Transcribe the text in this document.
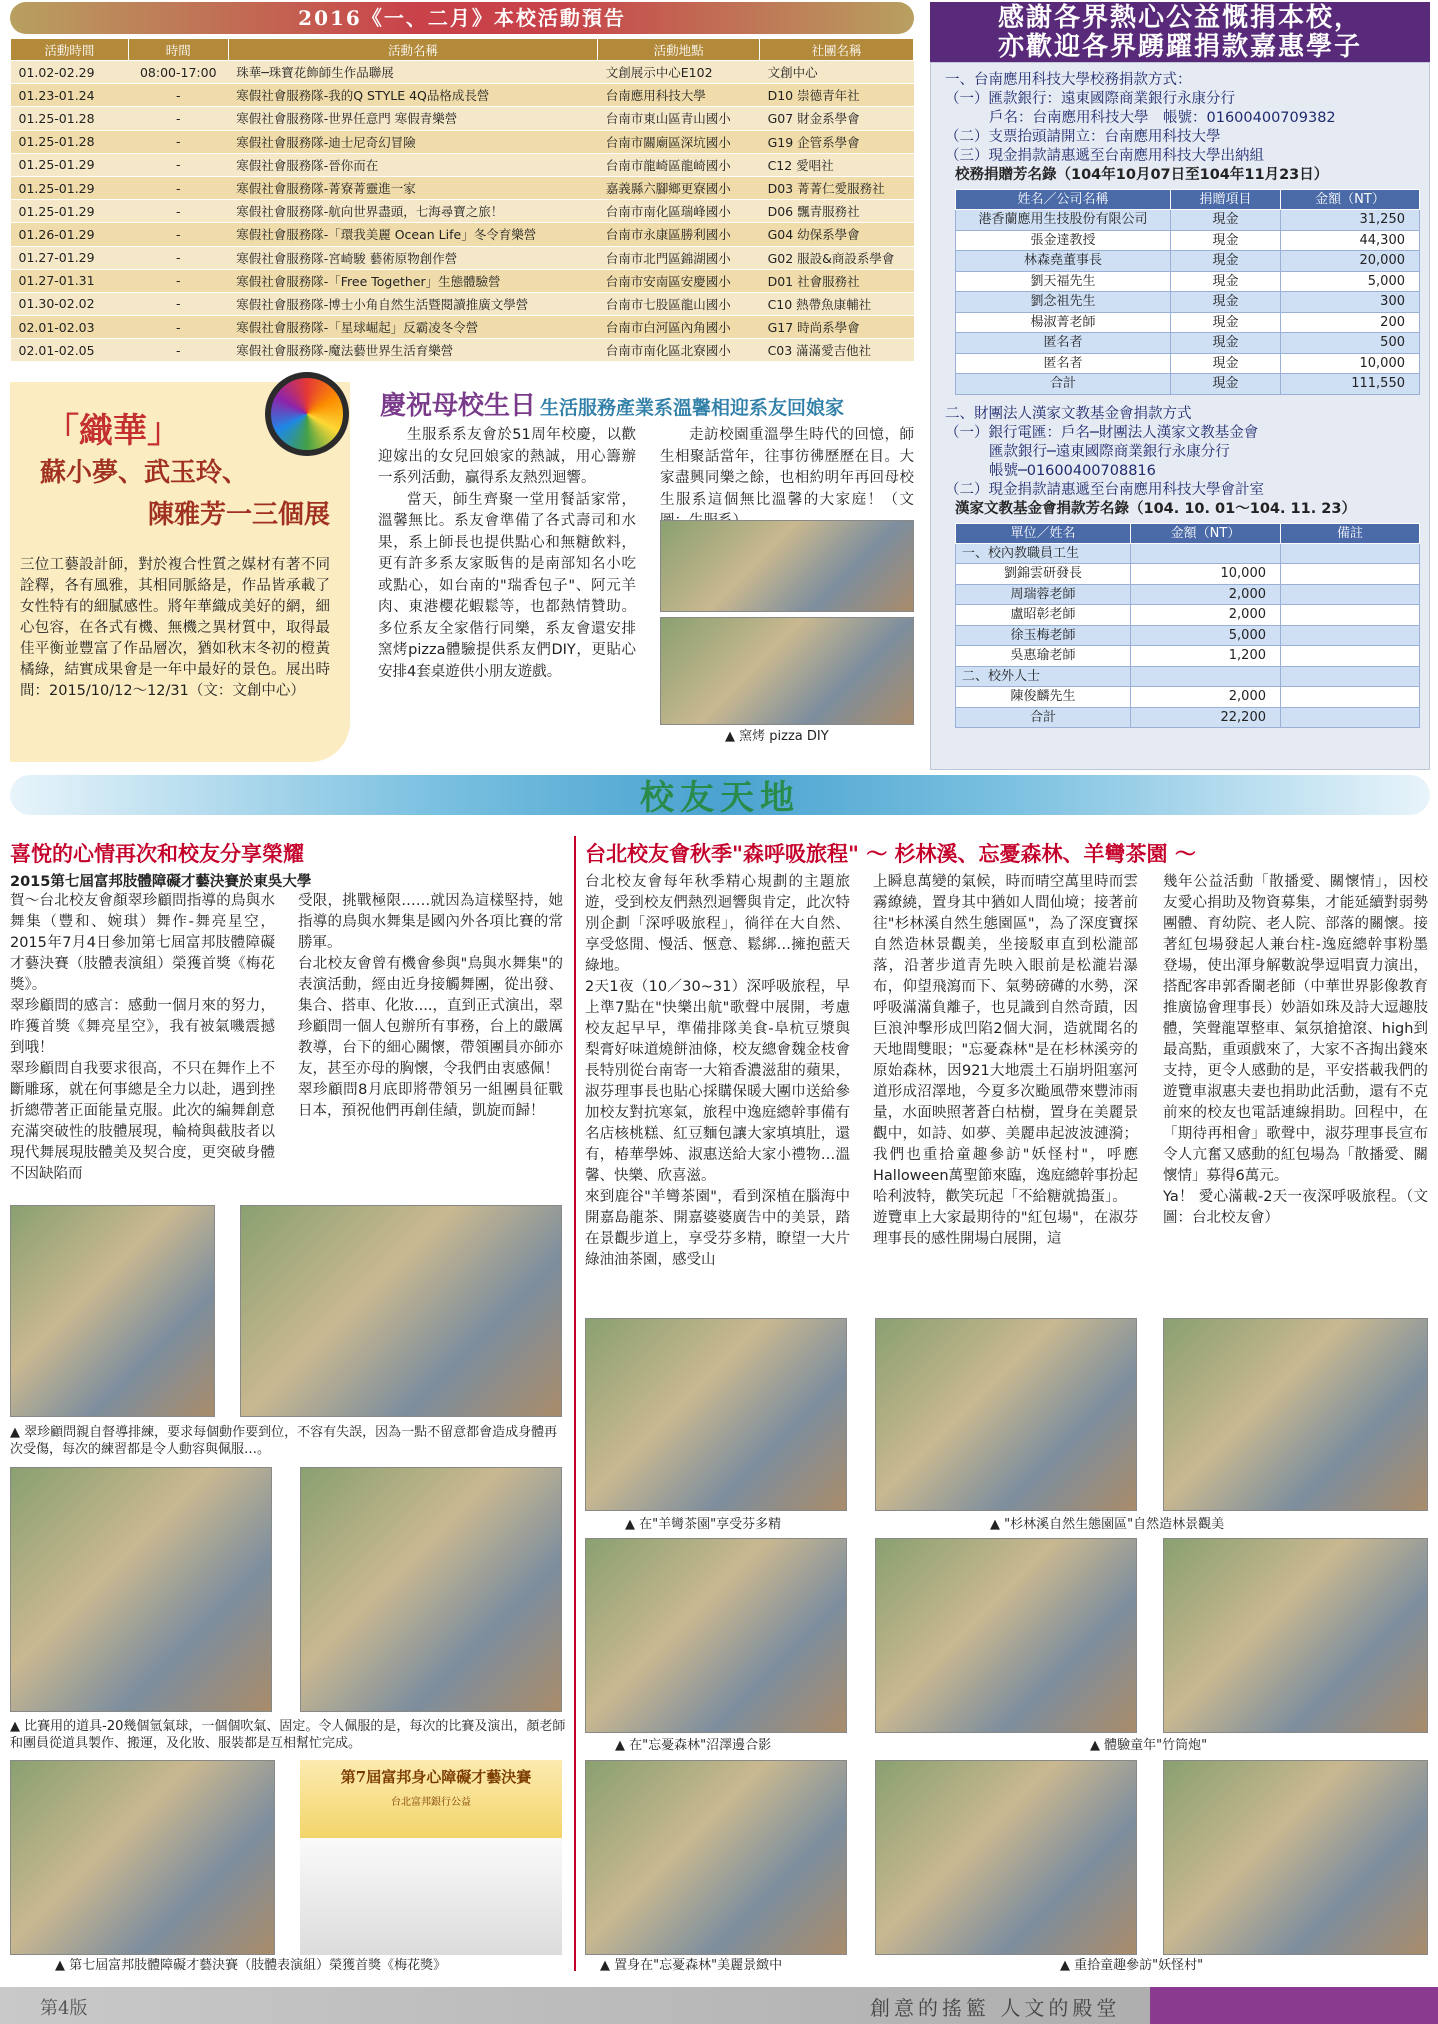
2016《一、二月》本校活動預告
活動時間	時間	活動名稱	活動地點	社團名稱
01.02-02.29	08:00-17:00	珠華─珠寶花飾師生作品聯展	文創展示中心E102	文創中心
01.23-01.24	-	寒假社會服務隊-我的Q STYLE 4Q品格成長營	台南應用科技大學	D10 崇德青年社
01.25-01.28	-	寒假社會服務隊-世界任意門 寒假青樂營	台南市東山區青山國小	G07 財金系學會
01.25-01.28	-	寒假社會服務隊-迪士尼奇幻冒險	台南市關廟區深坑國小	G19 企管系學會
01.25-01.29	-	寒假社會服務隊-晉你而在	台南市龍崎區龍崎國小	C12 愛唱社
01.25-01.29	-	寒假社會服務隊-菁寮菁靈進一家	嘉義縣六腳鄉更寮國小	D03 菁菁仁愛服務社
01.25-01.29	-	寒假社會服務隊-航向世界盡頭，七海尋寶之旅！	台南市南化區瑞峰國小	D06 飄青服務社
01.26-01.29	-	寒假社會服務隊-「環我美麗 Ocean Life」冬令育樂營	台南市永康區勝利國小	G04 幼保系學會
01.27-01.29	-	寒假社會服務隊-宮崎駿 藝術原物創作營	台南市北門區錦湖國小	G02 服設&商設系學會
01.27-01.31	-	寒假社會服務隊-「Free Together」生態體驗營	台南市安南區安慶國小	D01 社會服務社
01.30-02.02	-	寒假社會服務隊-博士小角自然生活暨閱讀推廣文學營	台南市七股區龍山國小	C10 熱帶魚康輔社
02.01-02.03	-	寒假社會服務隊-「星球崛起」反霸凌冬令營	台南市白河區內角國小	G17 時尚系學會
02.01-02.05	-	寒假社會服務隊-魔法藝世界生活育樂營	台南市南化區北寮國小	C03 滿滿愛吉他社
感謝各界熱心公益慨捐本校，
亦歡迎各界踴躍捐款嘉惠學子
一、台南應用科技大學校務捐款方式：
（一）匯款銀行：遠東國際商業銀行永康分行
戶名：台南應用科技大學　帳號：01600400709382
（二）支票抬頭請開立：台南應用科技大學
（三）現金捐款請惠遞至台南應用科技大學出納組
校務捐贈芳名錄（104年10月07日至104年11月23日）
姓名／公司名稱	捐贈項目	金額（NT）
港香蘭應用生技股份有限公司	現金	31,250
張金達教授	現金	44,300
林森堯董事長	現金	20,000
劉天福先生	現金	5,000
劉念祖先生	現金	300
楊淑菁老師	現金	200
匿名者	現金	500
匿名者	現金	10,000
合計	現金	111,550
二、財團法人漢家文教基金會捐款方式
（一）銀行電匯：戶名─財團法人漢家文教基金會
匯款銀行─遠東國際商業銀行永康分行
帳號─01600400708816
（二）現金捐款請惠遞至台南應用科技大學會計室
漢家文教基金會捐款芳名錄（104. 10. 01～104. 11. 23）
單位／姓名	金額（NT）	備註
一、校內教職員工生		
劉錦雲研發長	10,000	
周瑞蓉老師	2,000	
盧昭彰老師	2,000	
徐玉梅老師	5,000	
吳惠瑜老師	1,200	
二、校外人士		
陳俊麟先生	2,000	
合計	22,200	
「織華」
蘇小夢、武玉玲、
陳雅芳一三個展
三位工藝設計師，對於複合性質之媒材有著不同詮釋，各有風雅，其相同脈絡是，作品皆承載了女性特有的細膩感性。將年華織成美好的網，細心包容，在各式有機、無機之異材質中，取得最佳平衡並豐富了作品層次，猶如秋末冬初的橙黃橘綠，結實成果會是一年中最好的景色。展出時間：2015/10/12～12/31（文：文創中心）
慶祝母校生日 生活服務產業系溫馨相迎系友回娘家

生服系系友會於51周年校慶，以歡迎嫁出的女兒回娘家的熱誠，用心籌辦一系列活動，贏得系友熱烈迴響。

當天，師生齊聚一堂用餐話家常，溫馨無比。系友會準備了各式壽司和水果，系上師長也提供點心和無糖飲料，更有許多系友家販售的是南部知名小吃或點心，如台南的"瑞香包子"、阿元羊肉、東港櫻花蝦鬆等，也都熱情贊助。多位系友全家偕行同樂，系友會還安排窯烤pizza體驗提供系友們DIY，更貼心安排4套桌遊供小朋友遊戲。

走訪校園重溫學生時代的回憶，師生相聚話當年，往事彷彿歷歷在目。大家盡興同樂之餘，也相約明年再回母校生服系這個無比溫馨的大家庭！（文

▲ 窯烤 pizza DIY
校友天地
喜悅的心情再次和校友分享榮耀
2015第七屆富邦肢體障礙才藝決賽於東吳大學
賀～台北校友會顏翠珍顧問指導的鳥與水舞集（豐和、婉琪）舞作-舞亮星空，2015年7月4日參加第七屆富邦肢體障礙才藝決賽（肢體表演組）榮獲首獎《梅花獎》。
翠珍顧問的感言：感動一個月來的努力，昨獲首獎《舞亮星空》，我有被氣嘰震撼到哦！
翠珍顧問自我要求很高，不只在舞作上不斷雕琢，就在何事總是全力以赴，遇到挫折總帶著正面能量克服。此次的編舞創意充滿突破性的肢體展現，輪椅與截肢者以現代舞展現肢體美及契合度，更突破身體不因缺陷而
受限，挑戰極限……就因為這樣堅持，她指導的鳥與水舞集是國內外各項比賽的常勝軍。
台北校友會曾有機會參與"鳥與水舞集"的表演活動，經由近身接觸舞團，從出發、集合、搭車、化妝....，直到正式演出，翠珍顧問一個人包辦所有事務，台上的嚴厲教導，台下的細心關懷，帶領團員亦師亦友，甚至亦母的胸懷，令我們由衷感佩！
翠珍顧問8月底即將帶領另一組團員征戰日本，預祝他們再創佳績，凱旋而歸！
▲ 翠珍顧問親自督導排練，要求每個動作要到位，不容有失誤，因為一點不留意都會造成身體再次受傷，每次的練習都是令人動容與佩服…。
▲ 比賽用的道具-20幾個氫氣球，一個個吹氣、固定。令人佩服的是，每次的比賽及演出，顏老師和團員從道具製作、搬運，及化妝、服裝都是互相幫忙完成。
第7屆富邦身心障礙才藝決賽
台北富邦銀行公益
▲ 第七屆富邦肢體障礙才藝決賽（肢體表演組）榮獲首獎《梅花獎》
台北校友會秋季"森呼吸旅程" ～ 杉林溪、忘憂森林、羊彎茶園 ～
台北校友會每年秋季精心規劃的主題旅遊，受到校友們熱烈迴響與肯定，此次特別企劃「深呼吸旅程」，徜徉在大自然、享受悠閒、慢活、愜意、鬆綁…擁抱藍天綠地。
2天1夜（10／30~31）深呼吸旅程，早上準7點在"快樂出航"歌聲中展開，考慮校友起早早，準備排隊美食-阜杭豆漿與梨膏好味道燒餅油條，校友總會魏金枝會長特別從台南寄一大箱香濃滋甜的蘋果，淑芬理事長也貼心採購保暖大團巾送給參加校友對抗寒氣，旅程中逸庭總幹事備有名店核桃糕、紅豆麵包讓大家填填肚，還有，椿華學姊、淑惠送給大家小禮物…溫馨、快樂、欣喜滋。
來到鹿谷"羊彎茶園"，看到深植在腦海中開嘉島龍茶、開嘉婆婆廣告中的美景，踏在景觀步道上，享受芬多精，瞭望一大片綠油油茶園，感受山
上瞬息萬變的氣候，時而晴空萬里時而雲霧繚繞，置身其中猶如人間仙境；接著前往"杉林溪自然生態園區"，為了深度寶探自然造林景觀美，坐接駁車直到松瀧部落，沿著步道青先映入眼前是松瀧岩瀑布，仰望飛瀉而下、氣勢磅礡的水勢，深呼吸滿滿負離子，也見識到自然奇蹟，因巨浪沖擊形成凹陷2個大洞，造就聞名的天地間雙眼；"忘憂森林"是在杉林溪旁的原始森林，因921大地震土石崩坍阻塞河道形成沼澤地，今夏多次颱風帶來豐沛雨量，水面映照著蒼白枯樹，置身在美麗景觀中，如詩、如夢、美麗串起波波漣漪；我們也重拾童趣參訪"妖怪村"，呼應Halloween萬聖節來臨，逸庭總幹事扮起哈利波特，歡笑玩起「不給糖就搗蛋」。
遊覽車上大家最期待的"紅包場"，在淑芬理事長的感性開場白展開，這
幾年公益活動「散播愛、關懷情」，因校友愛心捐助及物資募集，才能延續對弱勢團體、育幼院、老人院、部落的關懷。接著紅包場發起人兼台柱-逸庭總幹事粉墨登場，使出渾身解數說學逗唱賣力演出，搭配客串郭香闌老師（中華世界影像教育推廣協會理事長）妙語如珠及詩大逗趣肢體，笑聲龍罩整車、氣氛搶搶滾、high到最高點，重頭戲來了，大家不吝掏出錢來支持，更令人感動的是，平安搭載我們的遊覽車淑惠夫妻也捐助此活動，還有不克前來的校友也電話連線捐助。回程中，在「期待再相會」歌聲中，淑芬理事長宣布令人亢奮又感動的紅包場為「散播愛、關懷情」募得6萬元。
Ya！ 愛心滿載-2天一夜深呼吸旅程。（文圖：台北校友會）
▲ 在"羊彎茶園"享受芬多精	▲ "杉林溪自然生態園區"自然造林景觀美
▲ 在"忘憂森林"沼澤邊合影	▲ 體驗童年"竹筒炮"
▲ 置身在"忘憂森林"美麗景緻中	▲ 重拾童趣參訪"妖怪村"
第4版	創意的搖籃 人文的殿堂
